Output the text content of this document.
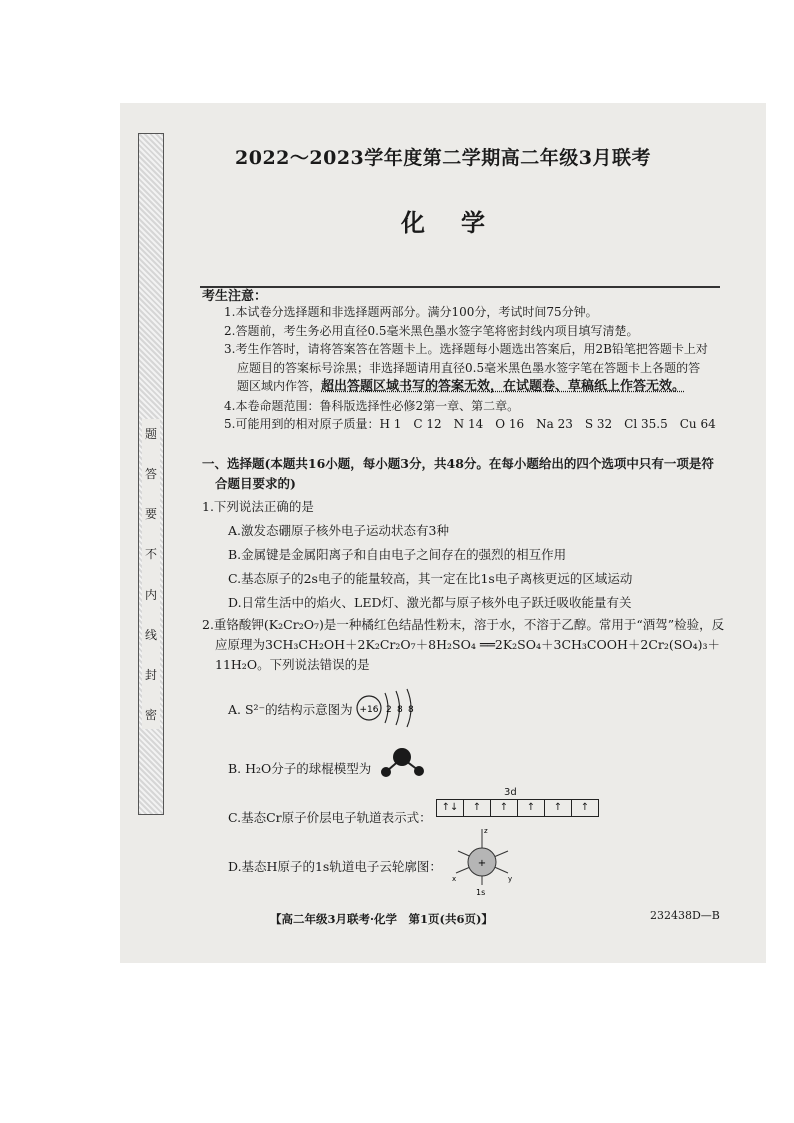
题
答
要
不
内
线
封
密
2022～2023学年度第二学期高二年级3月联考
化学
考生注意：

1.本试卷分选择题和非选择题两部分。满分100分，考试时间75分钟。

2.答题前，考生务必用直径0.5毫米黑色墨水签字笔将密封线内项目填写清楚。

3.考生作答时，请将答案答在答题卡上。选择题每小题选出答案后，用2B铅笔把答题卡上对

应题目的答案标号涂黑；非选择题请用直径0.5毫米黑色墨水签字笔在答题卡上各题的答

题区域内作答，超出答题区域书写的答案无效，在试题卷、草稿纸上作答无效。

4.本卷命题范围：鲁科版选择性必修2第一章、第二章。

5.可能用到的相对原子质量：H 1　C 12　N 14　O 16　Na 23　S 32　Cl 35.5　Cu 64

一、选择题(本题共16小题，每小题3分，共48分。在每小题给出的四个选项中只有一项是符
合题目要求的)
1.下列说法正确的是
A.激发态硼原子核外电子运动状态有3种
B.金属键是金属阳离子和自由电子之间存在的强烈的相互作用
C.基态原子的2s电子的能量较高，其一定在比1s电子离核更远的区域运动
D.日常生活中的焰火、LED灯、激光都与原子核外电子跃迁吸收能量有关
2.重铬酸钾(K₂Cr₂O₇)是一种橘红色结晶性粉末，溶于水，不溶于乙醇。常用于“酒驾”检验，反
应原理为3CH₃CH₂OH＋2K₂Cr₂O₇＋8H₂SO₄ ══2K₂SO₄＋3CH₃COOH＋2Cr₂(SO₄)₃＋
11H₂O。下列说法错误的是
A. S²⁻的结构示意图为 +16 2 8 8
B. H₂O分子的球棍模型为
C.基态Cr原子价层电子轨道表示式：
3d
↑↓	↑	↑	↑	↑	↑
D.基态H原子的1s轨道电子云轮廓图：	+
z
x	y
1s
【高二年级3月联考·化学　第1页(共6页)】	232438D—B
